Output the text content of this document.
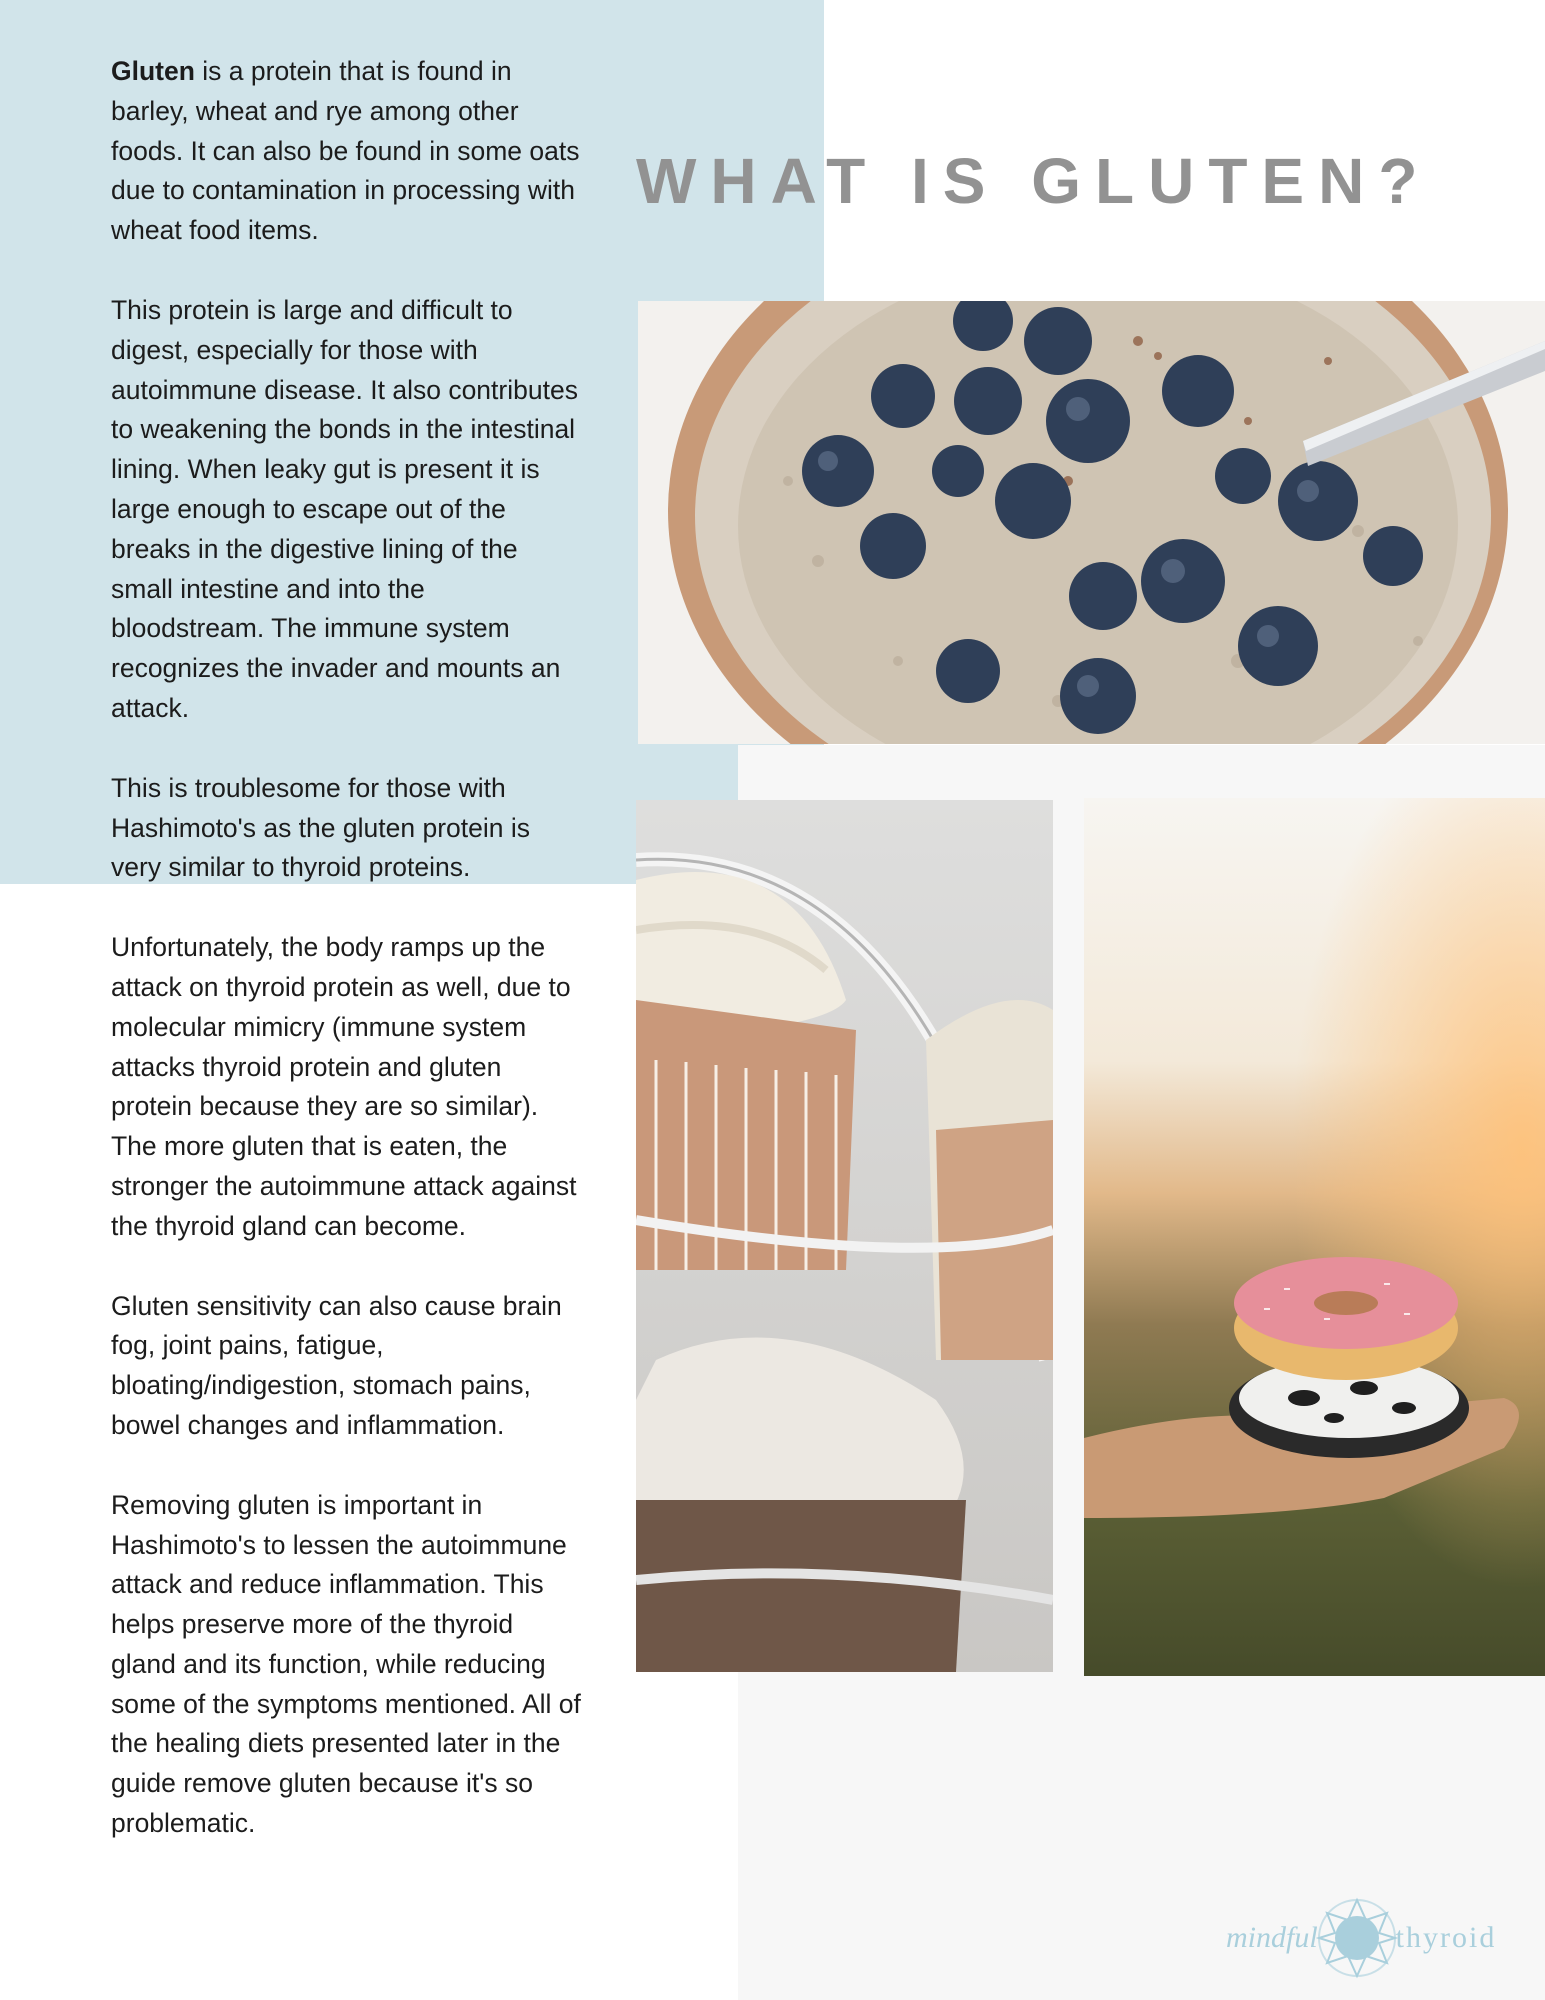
Gluten is a protein that is found in barley, wheat and rye among other foods. It can also be found in some oats due to contamination in processing with wheat food items.

This protein is large and difficult to digest, especially for those with autoimmune disease. It also contributes to weakening the bonds in the intestinal lining. When leaky gut is present it is large enough to escape out of the breaks in the digestive lining of the small intestine and into the bloodstream. The immune system recognizes the invader and mounts an attack.

This is troublesome for those with Hashimoto's as the gluten protein is very similar to thyroid proteins.

Unfortunately, the body ramps up the attack on thyroid protein as well, due to molecular mimicry (immune system attacks thyroid protein and gluten protein because they are so similar). The more gluten that is eaten, the stronger the autoimmune attack against the thyroid gland can become.

Gluten sensitivity can also cause brain fog, joint pains, fatigue, bloating/indigestion, stomach pains, bowel changes and inflammation.

Removing gluten is important in Hashimoto's to lessen the autoimmune attack and reduce inflammation. This helps preserve more of the thyroid gland and its function, while reducing some of the symptoms mentioned. All of the healing diets presented later in the guide remove gluten because it's so problematic.

WHAT IS GLUTEN?
mindful	thyroid
